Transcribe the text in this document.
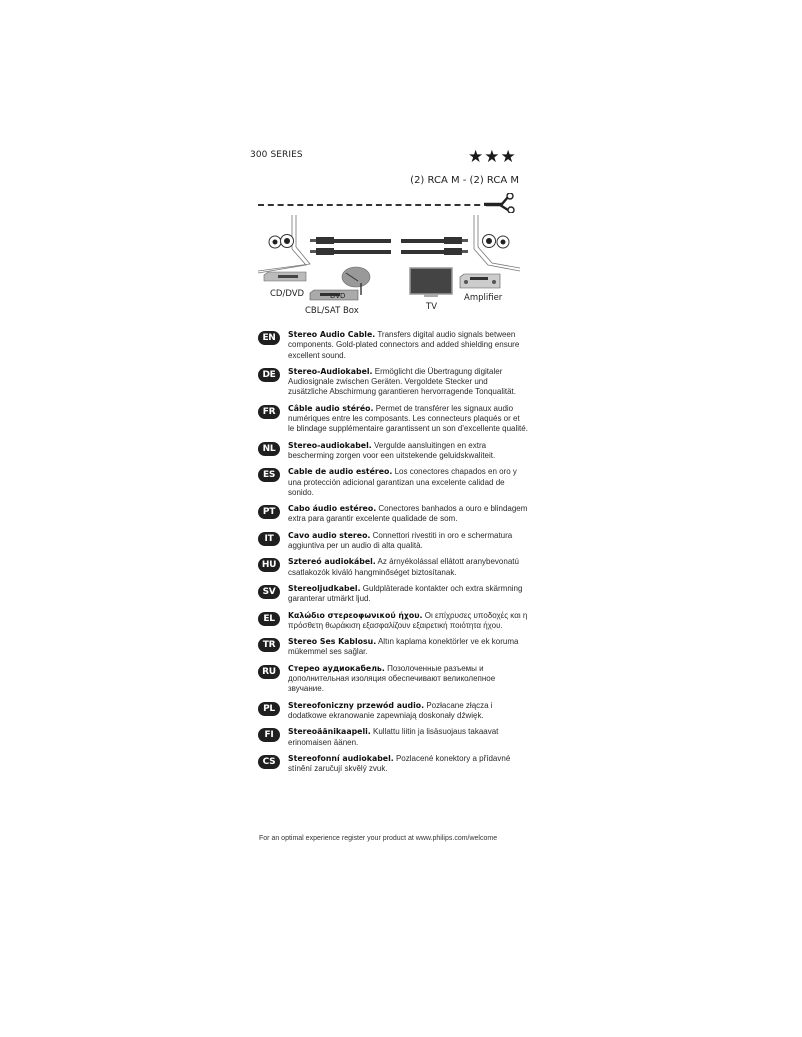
300 SERIES	★★★
(2) RCA M - (2) RCA M
CD/DVD	DVD
CBL/SAT Box	TV
Amplifier
EN	Stereo Audio Cable. Transfers digital audio signals between components. Gold-plated connectors and added shielding ensure excellent sound.
DE	Stereo-Audiokabel. Ermöglicht die Übertragung digitaler Audiosignale zwischen Geräten. Vergoldete Stecker und zusätzliche Abschirmung garantieren hervorragende Tonqualität.
FR	Câble audio stéréo. Permet de transférer les signaux audio numériques entre les composants. Les connecteurs plaqués or et le blindage supplémentaire garantissent un son d'excellente qualité.
NL	Stereo-audiokabel. Vergulde aansluitingen en extra bescherming zorgen voor een uitstekende geluidskwaliteit.
ES	Cable de audio estéreo. Los conectores chapados en oro y una protección adicional garantizan una excelente calidad de sonido.
PT	Cabo áudio estéreo. Conectores banhados a ouro e blindagem extra para garantir excelente qualidade de som.
IT	Cavo audio stereo. Connettori rivestiti in oro e schermatura aggiuntiva per un audio di alta qualità.
HU	Sztereó audiokábel. Az árnyékolással ellátott aranybevonatú csatlakozók kiváló hangminőséget biztosítanak.
SV	Stereoljudkabel. Guldpläterade kontakter och extra skärmning garanterar utmärkt ljud.
EL	Καλώδιο στερεοφωνικού ήχου. Οι επίχρυσες υποδοχές και η πρόσθετη θωράκιση εξασφαλίζουν εξαιρετική ποιότητα ήχου.
TR	Stereo Ses Kablosu. Altın kaplama konektörler ve ek koruma mükemmel ses sağlar.
RU	Стерео аудиокабель. Позолоченные разъемы и дополнительная изоляция обеспечивают великолепное звучание.
PL	Stereofoniczny przewód audio. Pozłacane złącza i dodatkowe ekranowanie zapewniają doskonały dźwięk.
FI	Stereoäänikaapeli. Kullattu liitin ja lisäsuojaus takaavat erinomaisen äänen.
CS	Stereofonní audiokabel. Pozlacené konektory a přídavné stínění zaručují skvělý zvuk.
For an optimal experience register your product at www.philips.com/welcome
